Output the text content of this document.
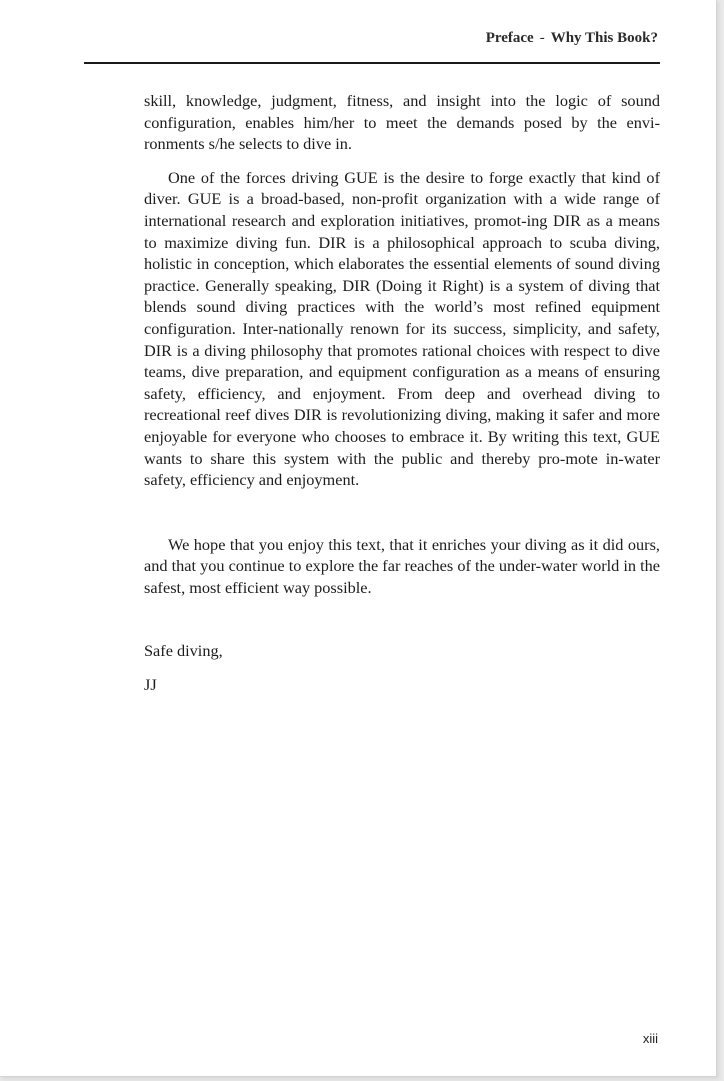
Preface - Why This Book?

skill, knowledge, judgment, fitness, and insight into the logic of sound configuration, enables him/her to meet the demands posed by the envi-ronments s/he selects to dive in.

One of the forces driving GUE is the desire to forge exactly that kind of diver. GUE is a broad-based, non-profit organization with a wide range of international research and exploration initiatives, promot-ing DIR as a means to maximize diving fun. DIR is a philosophical approach to scuba diving, holistic in conception, which elaborates the essential elements of sound diving practice. Generally speaking, DIR (Doing it Right) is a system of diving that blends sound diving practices with the world’s most refined equipment configuration. Inter-nationally renown for its success, simplicity, and safety, DIR is a diving philosophy that promotes rational choices with respect to dive teams, dive preparation, and equipment configuration as a means of ensuring safety, efficiency, and enjoyment. From deep and overhead diving to recreational reef dives DIR is revolutionizing diving, making it safer and more enjoyable for everyone who chooses to embrace it. By writing this text, GUE wants to share this system with the public and thereby pro-mote in-water safety, efficiency and enjoyment.

We hope that you enjoy this text, that it enriches your diving as it did ours, and that you continue to explore the far reaches of the under-water world in the safest, most efficient way possible.

Safe diving,

JJ

xiii
